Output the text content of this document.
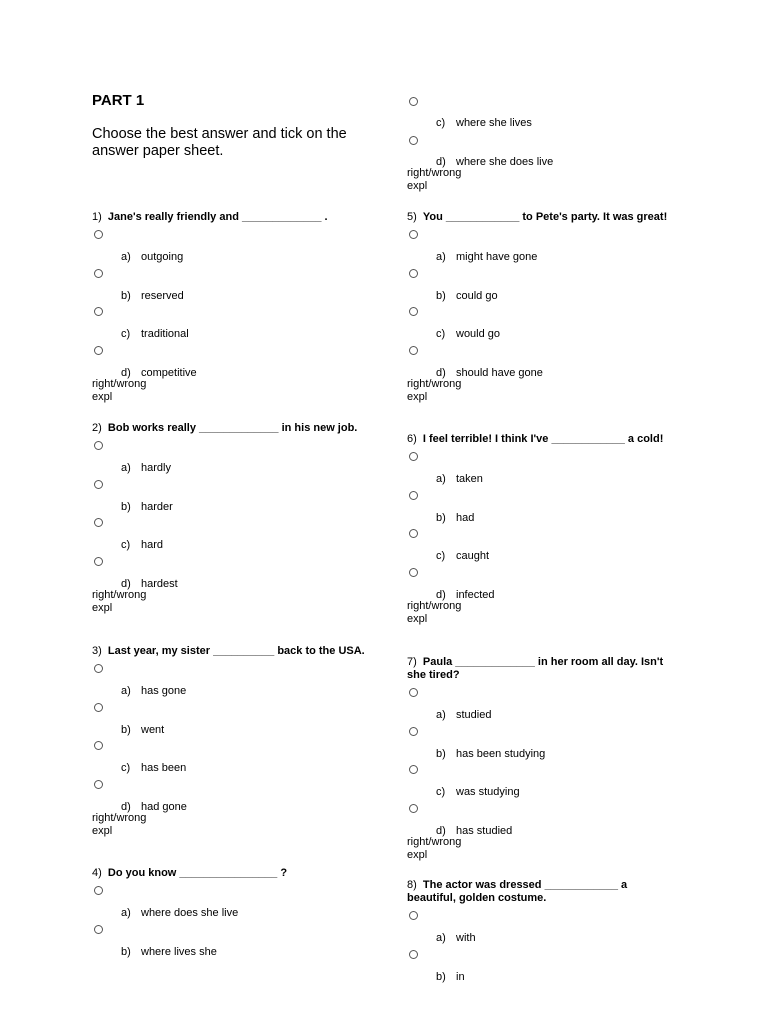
PART 1
Choose the best answer and tick on the answer paper sheet.
1) Jane's really friendly and _____________ .
a) outgoing
b) reserved
c) traditional
d) competitive
right/wrong
expl
2) Bob works really _____________ in his new job.
a) hardly
b) harder
c) hard
d) hardest
right/wrong
expl
3) Last year, my sister __________ back to the USA.
a) has gone
b) went
c) has been
d) had gone
right/wrong
expl
4) Do you know ________________ ?
a) where does she live
b) where lives she
c) where she lives
d) where she does live
right/wrong
expl
5) You ____________ to Pete's party. It was great!
a) might have gone
b) could go
c) would go
d) should have gone
right/wrong
expl
6) I feel terrible! I think I've ____________ a cold!
a) taken
b) had
c) caught
d) infected
right/wrong
expl
7) Paula _____________ in her room all day. Isn't she tired?
a) studied
b) has been studying
c) was studying
d) has studied
right/wrong
expl
8) The actor was dressed ____________ a beautiful, golden costume.
a) with
b) in
